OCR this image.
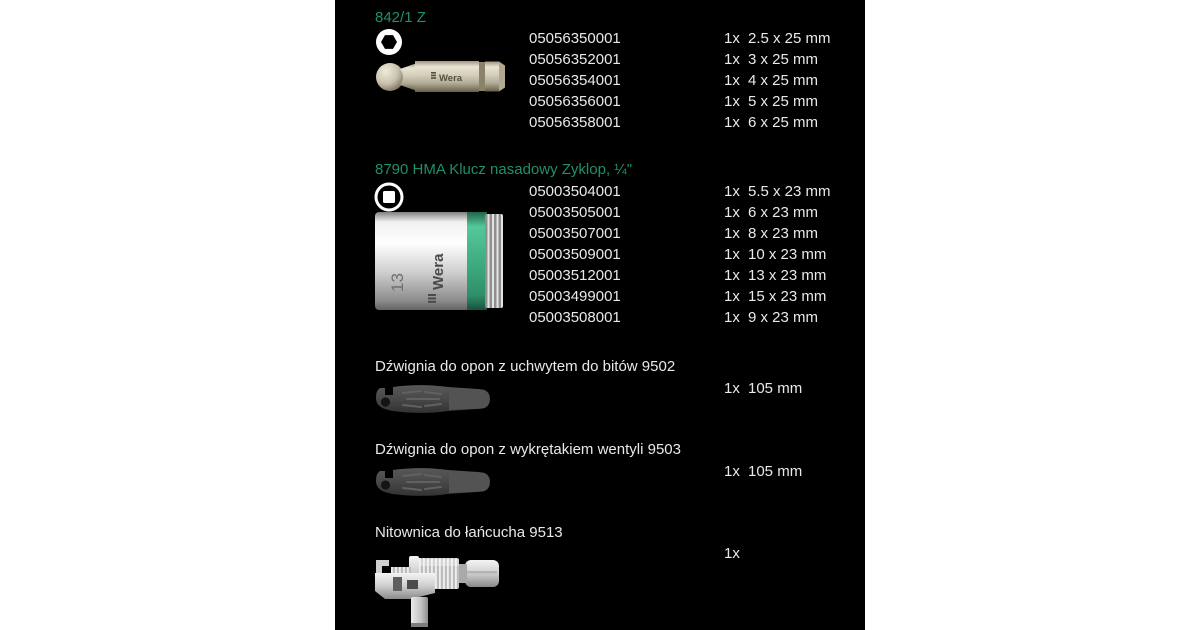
842/1 Z
Wera
05056350001	1x 2.5 x 25 mm
05056352001	1x 3 x 25 mm
05056354001	1x 4 x 25 mm
05056356001	1x 5 x 25 mm
05056358001	1x 6 x 25 mm
8790 HMA Klucz nasadowy Zyklop, ¼"
13 Wera
05003504001	1x 5.5 x 23 mm
05003505001	1x 6 x 23 mm
05003507001	1x 8 x 23 mm
05003509001	1x 10 x 23 mm
05003512001	1x 13 x 23 mm
05003499001	1x 15 x 23 mm
05003508001	1x 9 x 23 mm
Dźwignia do opon z uchwytem do bitów 9502
1x 105 mm
Dźwignia do opon z wykrętakiem wentyli 9503
1x 105 mm
Nitownica do łańcucha 9513
1x
